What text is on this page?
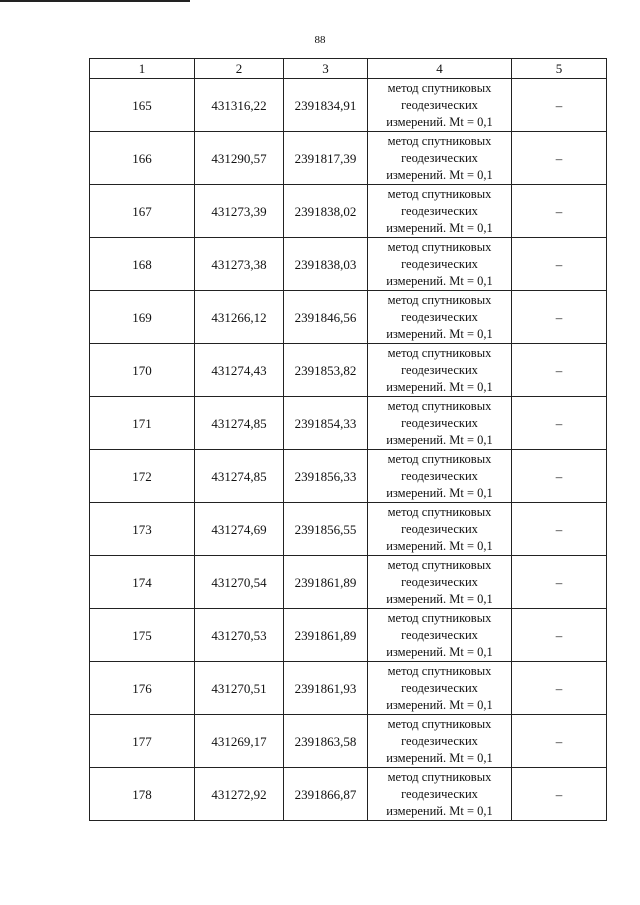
88
1	2	3	4	5
165	431316,22	2391834,91	метод спутниковых
геодезических
измерений. Mt = 0,1	–
166	431290,57	2391817,39	метод спутниковых
геодезических
измерений. Mt = 0,1	–
167	431273,39	2391838,02	метод спутниковых
геодезических
измерений. Mt = 0,1	–
168	431273,38	2391838,03	метод спутниковых
геодезических
измерений. Mt = 0,1	–
169	431266,12	2391846,56	метод спутниковых
геодезических
измерений. Mt = 0,1	–
170	431274,43	2391853,82	метод спутниковых
геодезических
измерений. Mt = 0,1	–
171	431274,85	2391854,33	метод спутниковых
геодезических
измерений. Mt = 0,1	–
172	431274,85	2391856,33	метод спутниковых
геодезических
измерений. Mt = 0,1	–
173	431274,69	2391856,55	метод спутниковых
геодезических
измерений. Mt = 0,1	–
174	431270,54	2391861,89	метод спутниковых
геодезических
измерений. Mt = 0,1	–
175	431270,53	2391861,89	метод спутниковых
геодезических
измерений. Mt = 0,1	–
176	431270,51	2391861,93	метод спутниковых
геодезических
измерений. Mt = 0,1	–
177	431269,17	2391863,58	метод спутниковых
геодезических
измерений. Mt = 0,1	–
178	431272,92	2391866,87	метод спутниковых
геодезических
измерений. Mt = 0,1	–
